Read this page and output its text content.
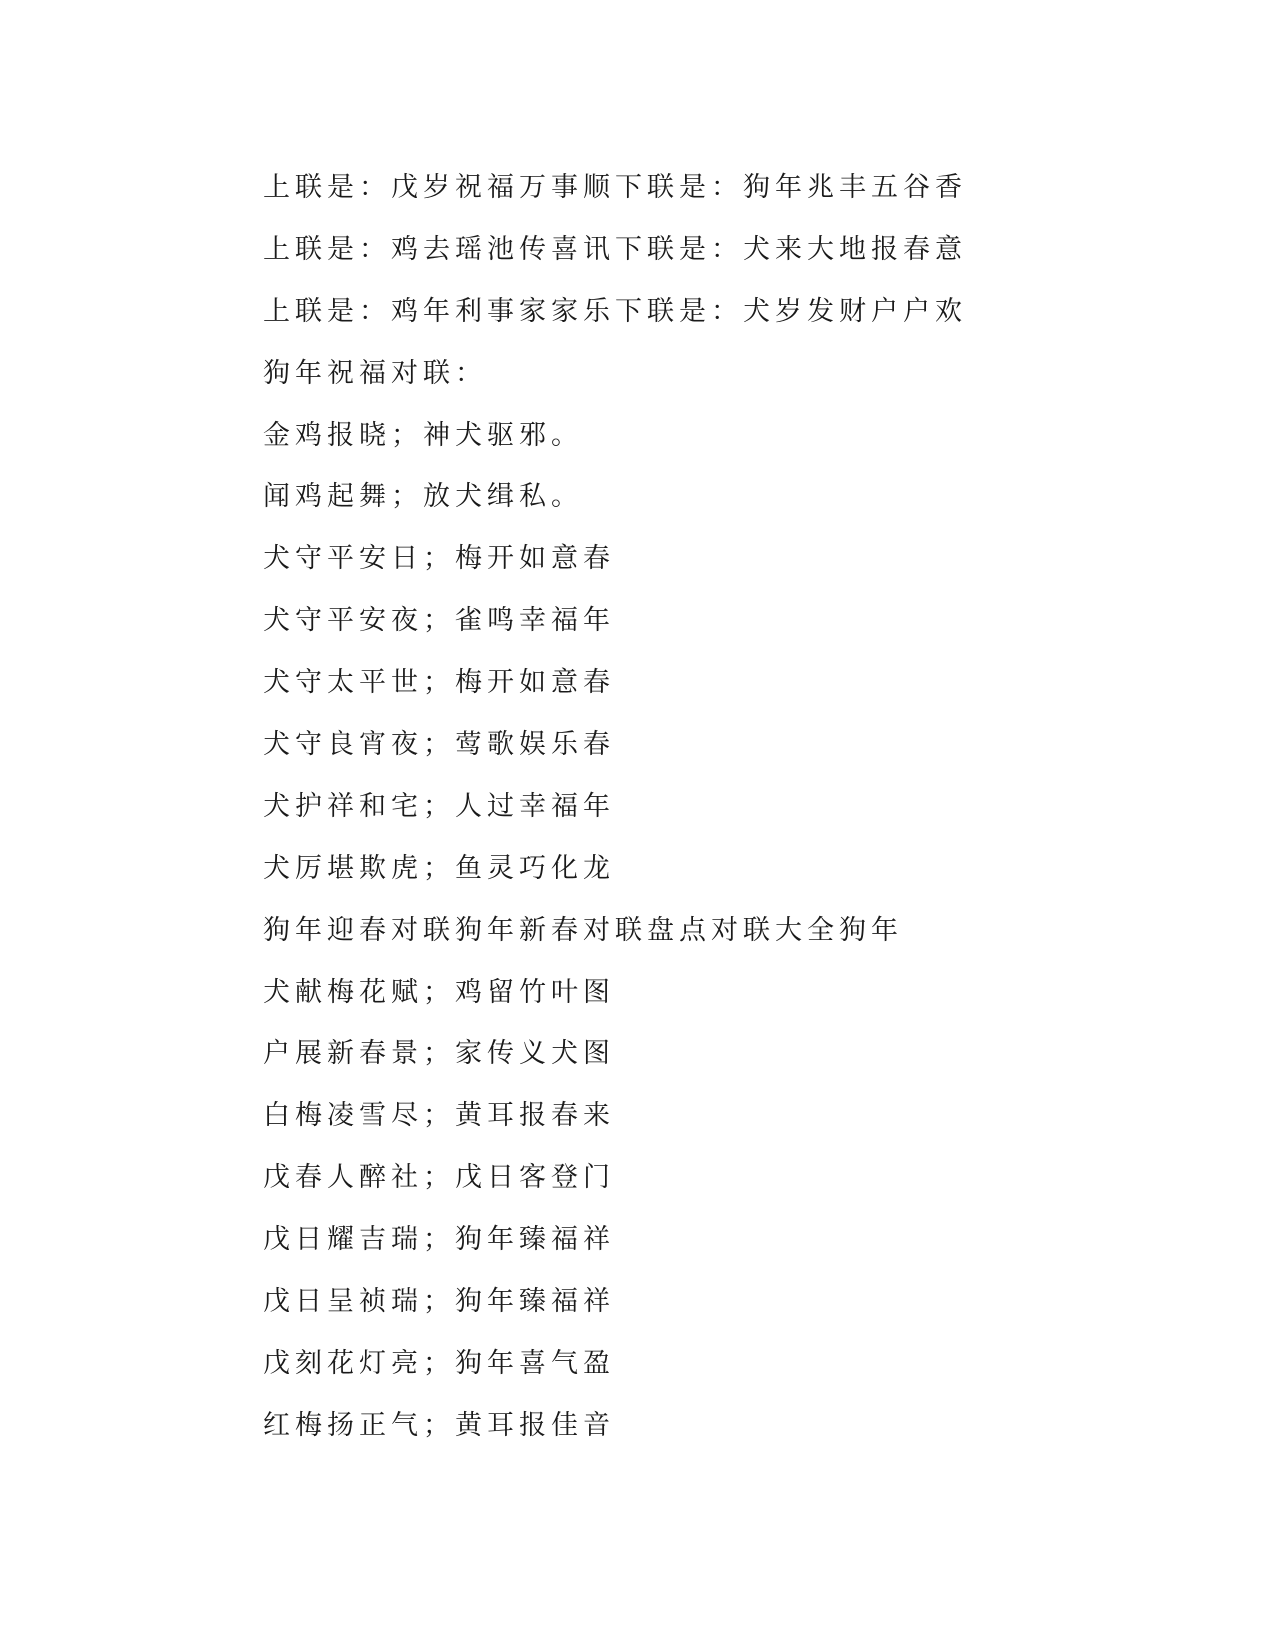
上联是：戊岁祝福万事顺下联是：狗年兆丰五谷香
上联是：鸡去瑶池传喜讯下联是：犬来大地报春意
上联是：鸡年利事家家乐下联是：犬岁发财户户欢
狗年祝福对联：
金鸡报晓；神犬驱邪。
闻鸡起舞；放犬缉私。
犬守平安日；梅开如意春
犬守平安夜；雀鸣幸福年
犬守太平世；梅开如意春
犬守良宵夜；莺歌娱乐春
犬护祥和宅；人过幸福年
犬厉堪欺虎；鱼灵巧化龙
狗年迎春对联狗年新春对联盘点对联大全狗年
犬献梅花赋；鸡留竹叶图
户展新春景；家传义犬图
白梅凌雪尽；黄耳报春来
戊春人醉社；戊日客登门
戊日耀吉瑞；狗年臻福祥
戊日呈祯瑞；狗年臻福祥
戊刻花灯亮；狗年喜气盈
红梅扬正气；黄耳报佳音
